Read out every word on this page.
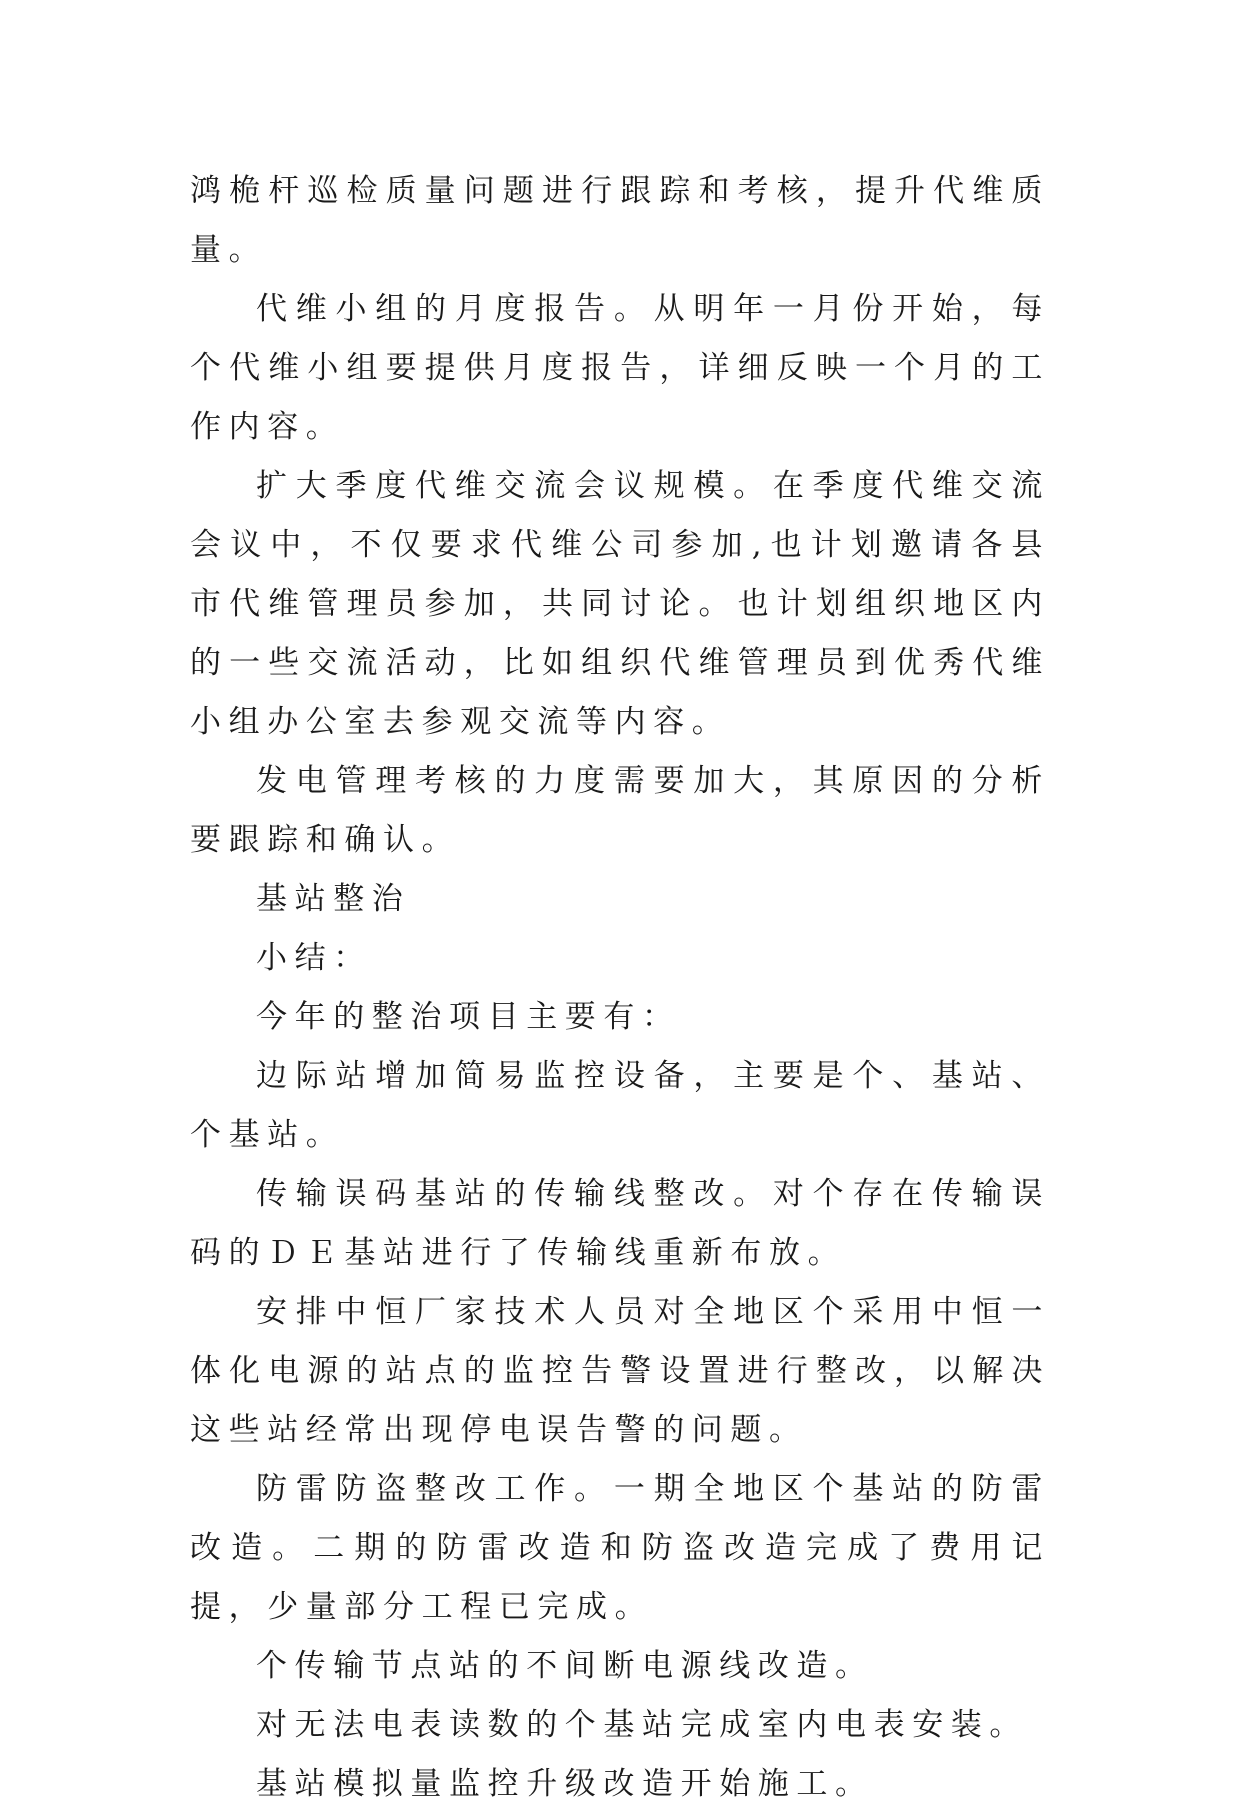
鸿桅杆巡检质量问题进行跟踪和考核，提升代维质量。

代维小组的月度报告。从明年一月份开始，每个代维小组要提供月度报告，详细反映一个月的工作内容。

扩大季度代维交流会议规模。在季度代维交流会议中，不仅要求代维公司参加,也计划邀请各县市代维管理员参加，共同讨论。也计划组织地区内的一些交流活动，比如组织代维管理员到优秀代维小组办公室去参观交流等内容。

发电管理考核的力度需要加大，其原因的分析要跟踪和确认。

基站整治

小结：

今年的整治项目主要有：

边际站增加简易监控设备，主要是个、基站、个基站。

传输误码基站的传输线整改。对个存在传输误码的ＤＥ基站进行了传输线重新布放。

安排中恒厂家技术人员对全地区个采用中恒一体化电源的站点的监控告警设置进行整改，以解决这些站经常出现停电误告警的问题。

防雷防盗整改工作。一期全地区个基站的防雷改造。二期的防雷改造和防盗改造完成了费用记提，少量部分工程已完成。

个传输节点站的不间断电源线改造。

对无法电表读数的个基站完成室内电表安装。

基站模拟量监控升级改造开始施工。
